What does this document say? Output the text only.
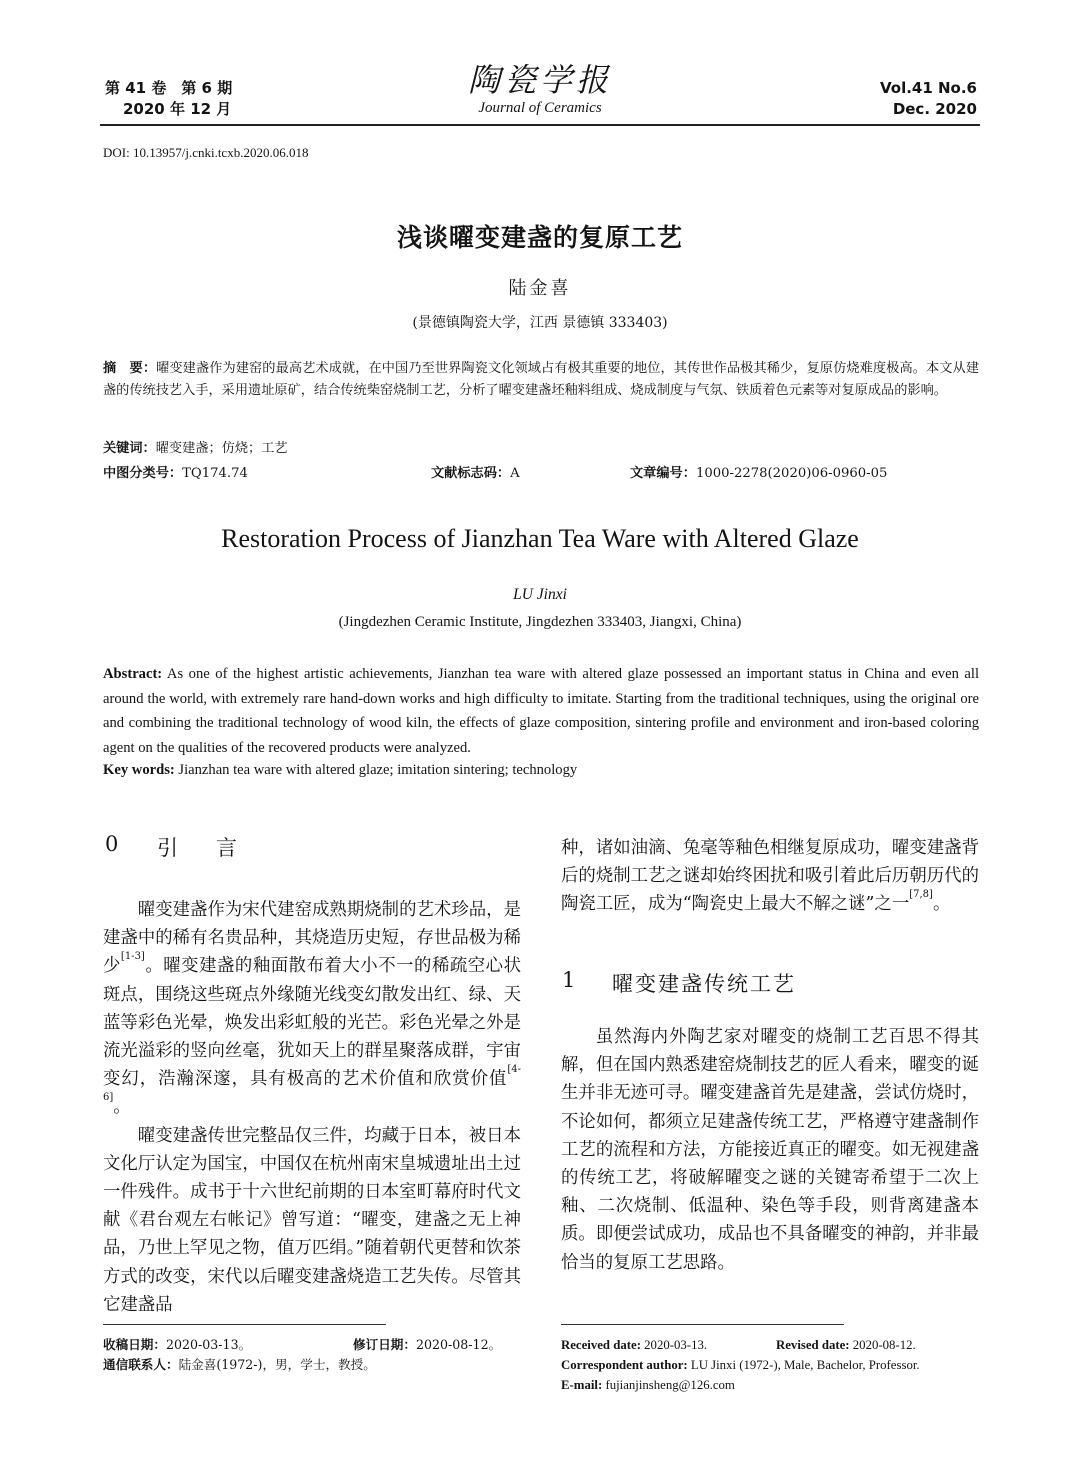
第 41 卷　第 6 期
2020 年 12 月
陶瓷学报
Journal of Ceramics
Vol.41 No.6
Dec. 2020
DOI: 10.13957/j.cnki.tcxb.2020.06.018
浅谈曜变建盏的复原工艺
陆金喜
(景德镇陶瓷大学，江西 景德镇 333403)
摘　要：曜变建盏作为建窑的最高艺术成就，在中国乃至世界陶瓷文化领域占有极其重要的地位，其传世作品极其稀少，复原仿烧难度极高。本文从建盏的传统技艺入手，采用遗址原矿，结合传统柴窑烧制工艺，分析了曜变建盏坯釉料组成、烧成制度与气氛、铁质着色元素等对复原成品的影响。
关键词：曜变建盏；仿烧；工艺
中图分类号：TQ174.74	文献标志码：A	文章编号：1000-2278(2020)06-0960-05
Restoration Process of Jianzhan Tea Ware with Altered Glaze
LU Jinxi
(Jingdezhen Ceramic Institute, Jingdezhen 333403, Jiangxi, China)
Abstract: As one of the highest artistic achievements, Jianzhan tea ware with altered glaze possessed an important status in China and even all around the world, with extremely rare hand-down works and high difficulty to imitate. Starting from the traditional techniques, using the original ore and combining the traditional technology of wood kiln, the effects of glaze composition, sintering profile and environment and iron-based coloring agent on the qualities of the recovered products were analyzed.
Key words: Jianzhan tea ware with altered glaze; imitation sintering; technology
0 引言
1 曜变建盏传统工艺

曜变建盏作为宋代建窑成熟期烧制的艺术珍品，是建盏中的稀有名贵品种，其烧造历史短，存世品极为稀少[1-3]。曜变建盏的釉面散布着大小不一的稀疏空心状斑点，围绕这些斑点外缘随光线变幻散发出红、绿、天蓝等彩色光晕，焕发出彩虹般的光芒。彩色光晕之外是流光溢彩的竖向丝毫，犹如天上的群星聚落成群，宇宙变幻，浩瀚深邃，具有极高的艺术价值和欣赏价值[4-6]。

曜变建盏传世完整品仅三件，均藏于日本，被日本文化厅认定为国宝，中国仅在杭州南宋皇城遗址出土过一件残件。成书于十六世纪前期的日本室町幕府时代文献《君台观左右帐记》曾写道：“曜变，建盏之无上神品，乃世上罕见之物，值万匹绢。”随着朝代更替和饮茶方式的改变，宋代以后曜变建盏烧造工艺失传。尽管其它建盏品

种，诸如油滴、兔毫等釉色相继复原成功，曜变建盏背后的烧制工艺之谜却始终困扰和吸引着此后历朝历代的陶瓷工匠，成为“陶瓷史上最大不解之谜”之一[7,8]。

虽然海内外陶艺家对曜变的烧制工艺百思不得其解，但在国内熟悉建窑烧制技艺的匠人看来，曜变的诞生并非无迹可寻。曜变建盏首先是建盏，尝试仿烧时，不论如何，都须立足建盏传统工艺，严格遵守建盏制作工艺的流程和方法，方能接近真正的曜变。如无视建盏的传统工艺，将破解曜变之谜的关键寄希望于二次上釉、二次烧制、低温种、染色等手段，则背离建盏本质。即便尝试成功，成品也不具备曜变的神韵，并非最恰当的复原工艺思路。

收稿日期：2020-03-13。	修订日期：2020-08-12。
通信联系人：陆金喜(1972-)，男，学士，教授。
Received date: 2020-03-13.	Revised date: 2020-08-12.
Correspondent author: LU Jinxi (1972-), Male, Bachelor, Professor.
E-mail: fujianjinsheng@126.com
